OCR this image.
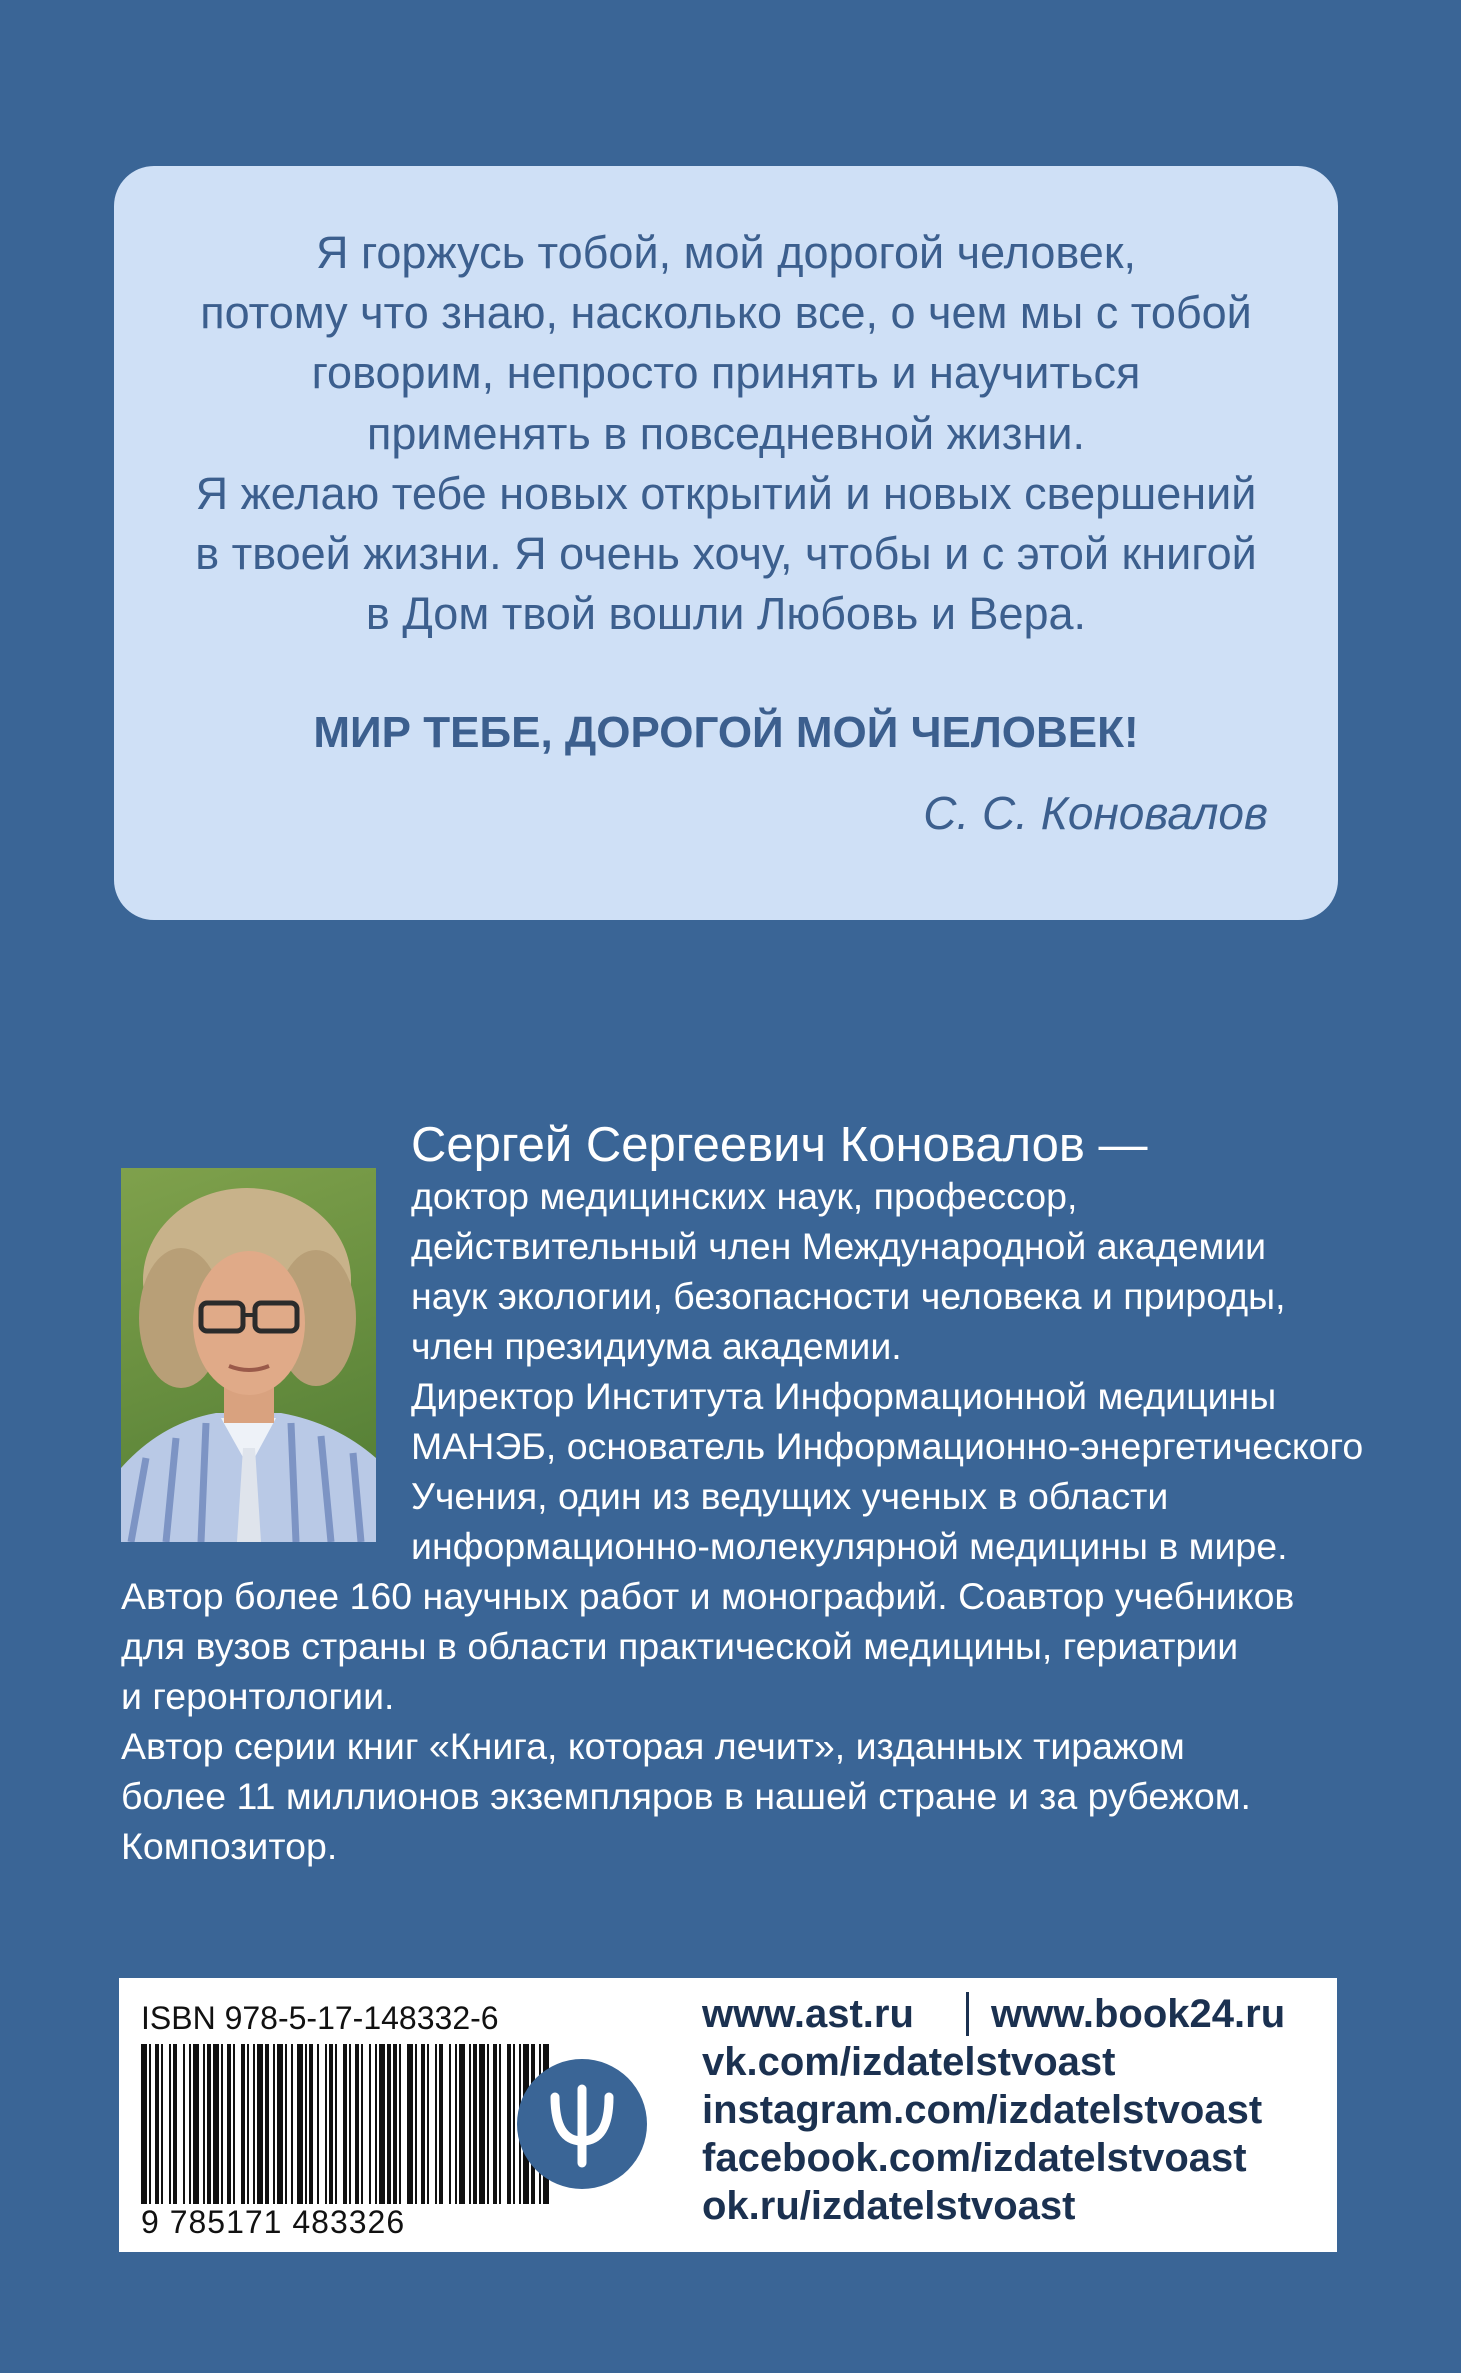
Я горжусь тобой, мой дорогой человек,
потому что знаю, насколько все, о чем мы с тобой
говорим, непросто принять и научиться
применять в повседневной жизни.
Я желаю тебе новых открытий и новых свершений
в твоей жизни. Я очень хочу, чтобы и с этой книгой
в Дом твой вошли Любовь и Вера.
МИР ТЕБЕ, ДОРОГОЙ МОЙ ЧЕЛОВЕК!
С. С. Коновалов
Сергей Сергеевич Коновалов —
доктор медицинских наук, профессор,
действительный член Международной академии
наук экологии, безопасности человека и природы,
член президиума академии.
Директор Института Информационной медицины
МАНЭБ, основатель Информационно-энергетического
Учения, один из ведущих ученых в области
информационно-молекулярной медицины в мире.
Автор более 160 научных работ и монографий. Соавтор учебников
для вузов страны в области практической медицины, гериатрии
и геронтологии.
Автор серии книг «Книга, которая лечит», изданных тиражом
более 11 миллионов экземпляров в нашей стране и за рубежом.
Композитор.
ISBN 978-5-17-148332-6
9 785171 483326
www.ast.ru www.book24.ru
vk.com/izdatelstvoast
instagram.com/izdatelstvoast
facebook.com/izdatelstvoast
ok.ru/izdatelstvoast
